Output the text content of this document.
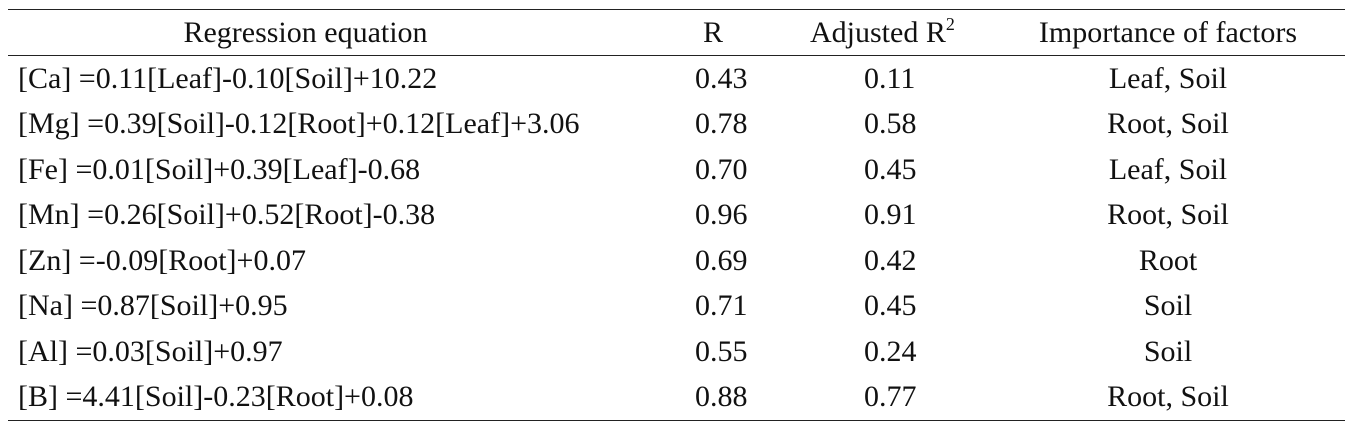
Regression equation	R	Adjusted $R^2$	Importance of factors
[Ca] =0.11[Leaf]-0.10[Soil]+10.22	0.43	0.11	Leaf, Soil
[Mg] =0.39[Soil]-0.12[Root]+0.12[Leaf]+3.06	0.78	0.58	Root, Soil
[Fe] =0.01[Soil]+0.39[Leaf]-0.68	0.70	0.45	Leaf, Soil
[Mn] =0.26[Soil]+0.52[Root]-0.38	0.96	0.91	Root, Soil
[Zn] =-0.09[Root]+0.07	0.69	0.42	Root
[Na] =0.87[Soil]+0.95	0.71	0.45	Soil
[Al] =0.03[Soil]+0.97	0.55	0.24	Soil
[B] =4.41[Soil]-0.23[Root]+0.08	0.88	0.77	Root, Soil
